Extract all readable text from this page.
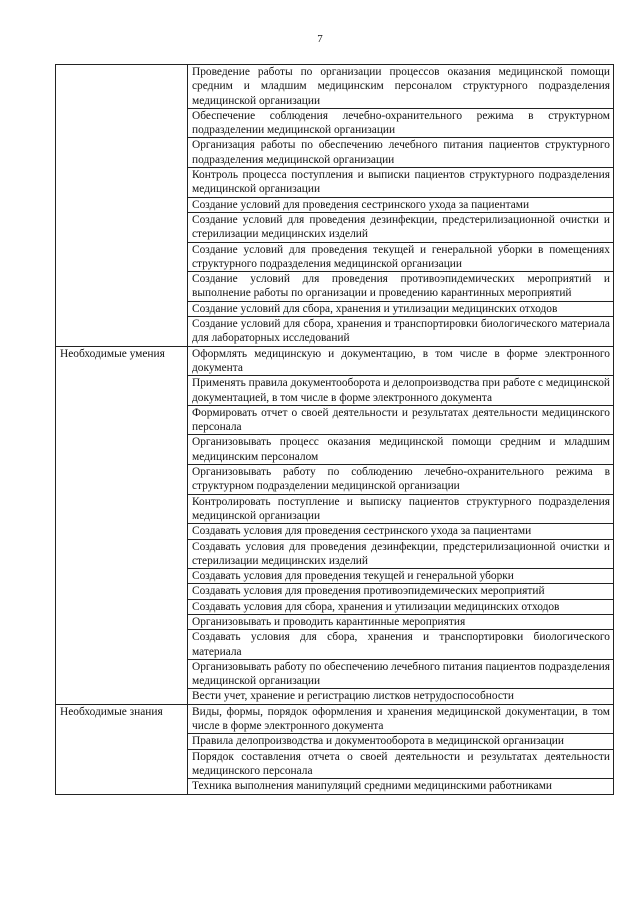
7
	Проведение работы по организации процессов оказания медицинской помощи средним и младшим медицинским персоналом структурного подразделения медицинской организации
	Обеспечение соблюдения лечебно-охранительного режима в структурном подразделении медицинской организации
	Организация работы по обеспечению лечебного питания пациентов структурного подразделения медицинской организации
	Контроль процесса поступления и выписки пациентов структурного подразделения медицинской организации
	Создание условий для проведения сестринского ухода за пациентами
	Создание условий для проведения дезинфекции, предстерилизационной очистки и стерилизации медицинских изделий
	Создание условий для проведения текущей и генеральной уборки в помещениях структурного подразделения медицинской организации
	Создание условий для проведения противоэпидемических мероприятий и выполнение работы по организации и проведению карантинных мероприятий
	Создание условий для сбора, хранения и утилизации медицинских отходов
	Создание условий для сбора, хранения и транспортировки биологического материала для лабораторных исследований
Необходимые умения	Оформлять медицинскую и документацию, в том числе в форме электронного документа
	Применять правила документооборота и делопроизводства при работе с медицинской документацией, в том числе в форме электронного документа
	Формировать отчет о своей деятельности и результатах деятельности медицинского персонала
	Организовывать процесс оказания медицинской помощи средним и младшим медицинским персоналом
	Организовывать работу по соблюдению лечебно-охранительного режима в структурном подразделении медицинской организации
	Контролировать поступление и выписку пациентов структурного подразделения медицинской организации
	Создавать условия для проведения сестринского ухода за пациентами
	Создавать условия для проведения дезинфекции, предстерилизационной очистки и стерилизации медицинских изделий
	Создавать условия для проведения текущей и генеральной уборки
	Создавать условия для проведения противоэпидемических мероприятий
	Создавать условия для сбора, хранения и утилизации медицинских отходов
	Организовывать и проводить карантинные мероприятия
	Создавать условия для сбора, хранения и транспортировки биологического материала
	Организовывать работу по обеспечению лечебного питания пациентов подразделения медицинской организации
	Вести учет, хранение и регистрацию листков нетрудоспособности
Необходимые знания	Виды, формы, порядок оформления и хранения медицинской документации, в том числе в форме электронного документа
	Правила делопроизводства и документооборота в медицинской организации
	Порядок составления отчета о своей деятельности и результатах деятельности медицинского персонала
	Техника выполнения манипуляций средними медицинскими работниками
